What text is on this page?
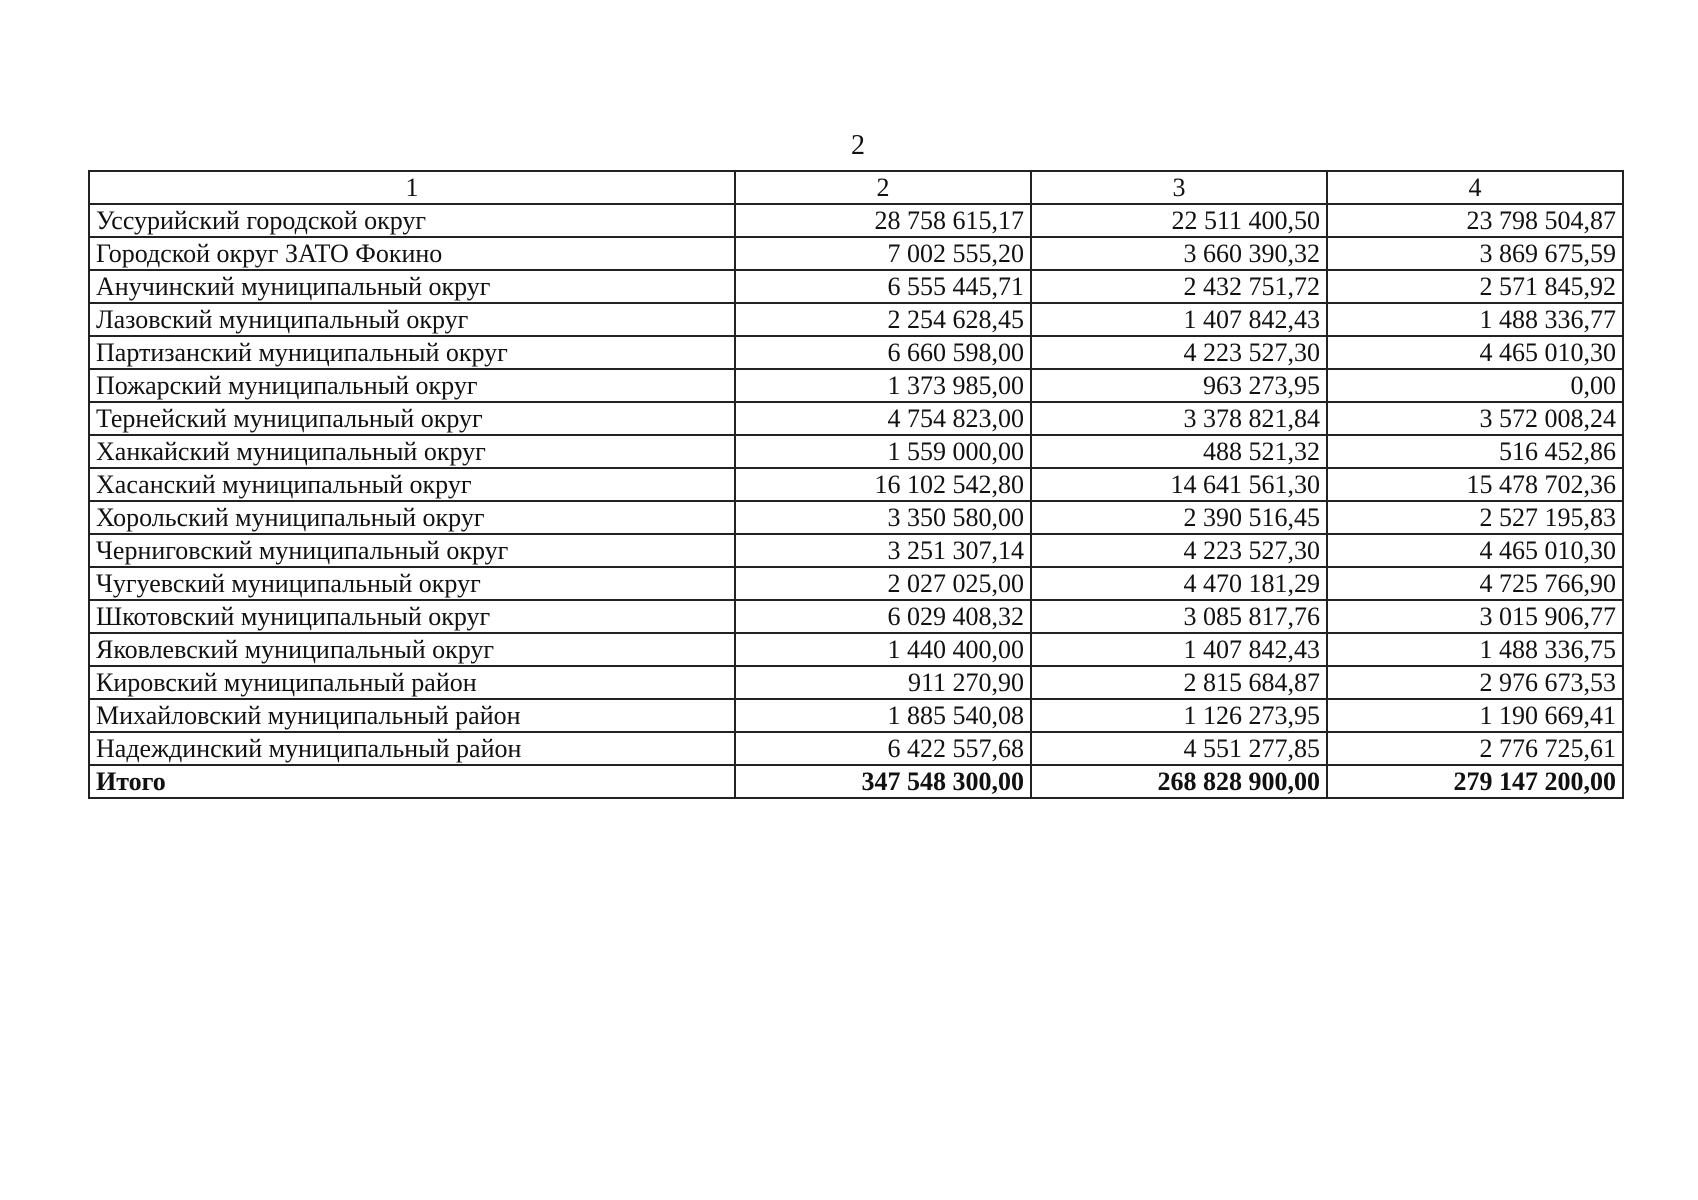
2
1	2	3	4
Уссурийский городской округ	28 758 615,17	22 511 400,50	23 798 504,87
Городской округ ЗАТО Фокино	7 002 555,20	3 660 390,32	3 869 675,59
Анучинский муниципальный округ	6 555 445,71	2 432 751,72	2 571 845,92
Лазовский муниципальный округ	2 254 628,45	1 407 842,43	1 488 336,77
Партизанский муниципальный округ	6 660 598,00	4 223 527,30	4 465 010,30
Пожарский муниципальный округ	1 373 985,00	963 273,95	0,00
Тернейский муниципальный округ	4 754 823,00	3 378 821,84	3 572 008,24
Ханкайский муниципальный округ	1 559 000,00	488 521,32	516 452,86
Хасанский муниципальный округ	16 102 542,80	14 641 561,30	15 478 702,36
Хорольский муниципальный округ	3 350 580,00	2 390 516,45	2 527 195,83
Черниговский муниципальный округ	3 251 307,14	4 223 527,30	4 465 010,30
Чугуевский муниципальный округ	2 027 025,00	4 470 181,29	4 725 766,90
Шкотовский муниципальный округ	6 029 408,32	3 085 817,76	3 015 906,77
Яковлевский муниципальный округ	1 440 400,00	1 407 842,43	1 488 336,75
Кировский муниципальный район	911 270,90	2 815 684,87	2 976 673,53
Михайловский муниципальный район	1 885 540,08	1 126 273,95	1 190 669,41
Надеждинский муниципальный район	6 422 557,68	4 551 277,85	2 776 725,61
Итого	347 548 300,00	268 828 900,00	279 147 200,00
